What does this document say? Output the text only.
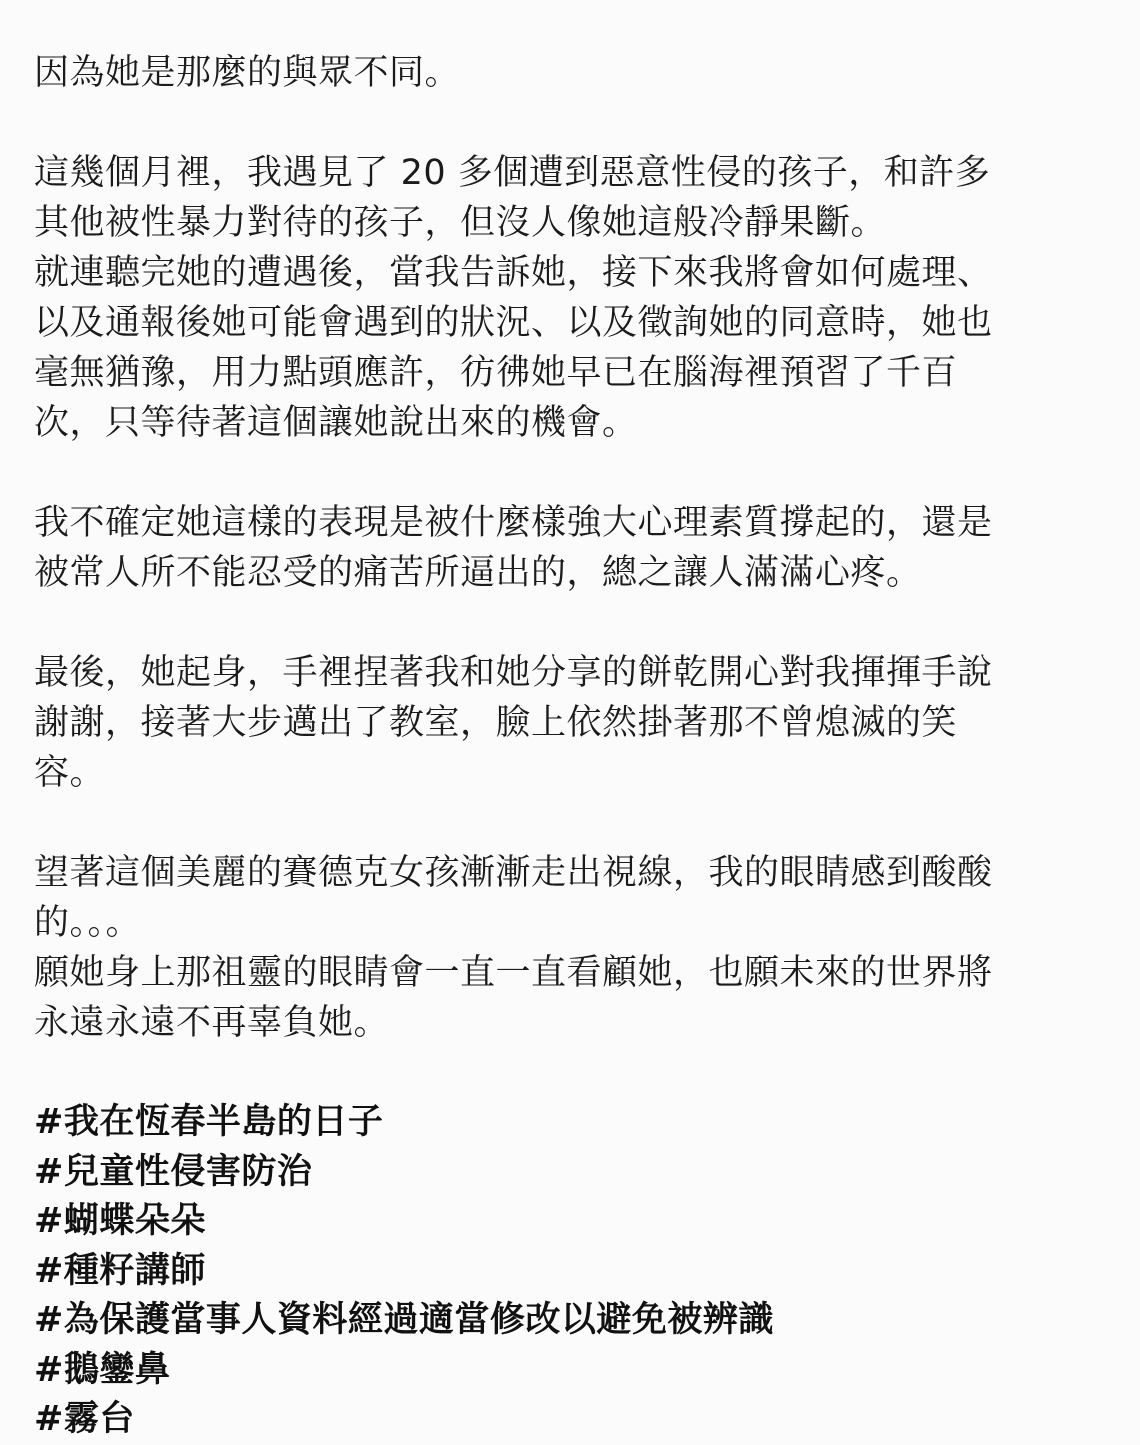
因為她是那麼的與眾不同。

這幾個月裡，我遇見了 20 多個遭到惡意性侵的孩子，和許多
其他被性暴力對待的孩子，但沒人像她這般冷靜果斷。
就連聽完她的遭遇後，當我告訴她，接下來我將會如何處理、
以及通報後她可能會遇到的狀況、以及徵詢她的同意時，她也
毫無猶豫，用力點頭應許，彷彿她早已在腦海裡預習了千百
次，只等待著這個讓她說出來的機會。

我不確定她這樣的表現是被什麼樣強大心理素質撐起的，還是
被常人所不能忍受的痛苦所逼出的，總之讓人滿滿心疼。

最後，她起身，手裡捏著我和她分享的餅乾開心對我揮揮手說
謝謝，接著大步邁出了教室，臉上依然掛著那不曾熄滅的笑
容。

望著這個美麗的賽德克女孩漸漸走出視線，我的眼睛感到酸酸
的。。。
願她身上那祖靈的眼睛會一直一直看顧她，也願未來的世界將
永遠永遠不再辜負她。

#我在恆春半島的日子
#兒童性侵害防治
#蝴蝶朵朵
#種籽講師
#為保護當事人資料經過適當修改以避免被辨識
#鵝鑾鼻
#霧台
